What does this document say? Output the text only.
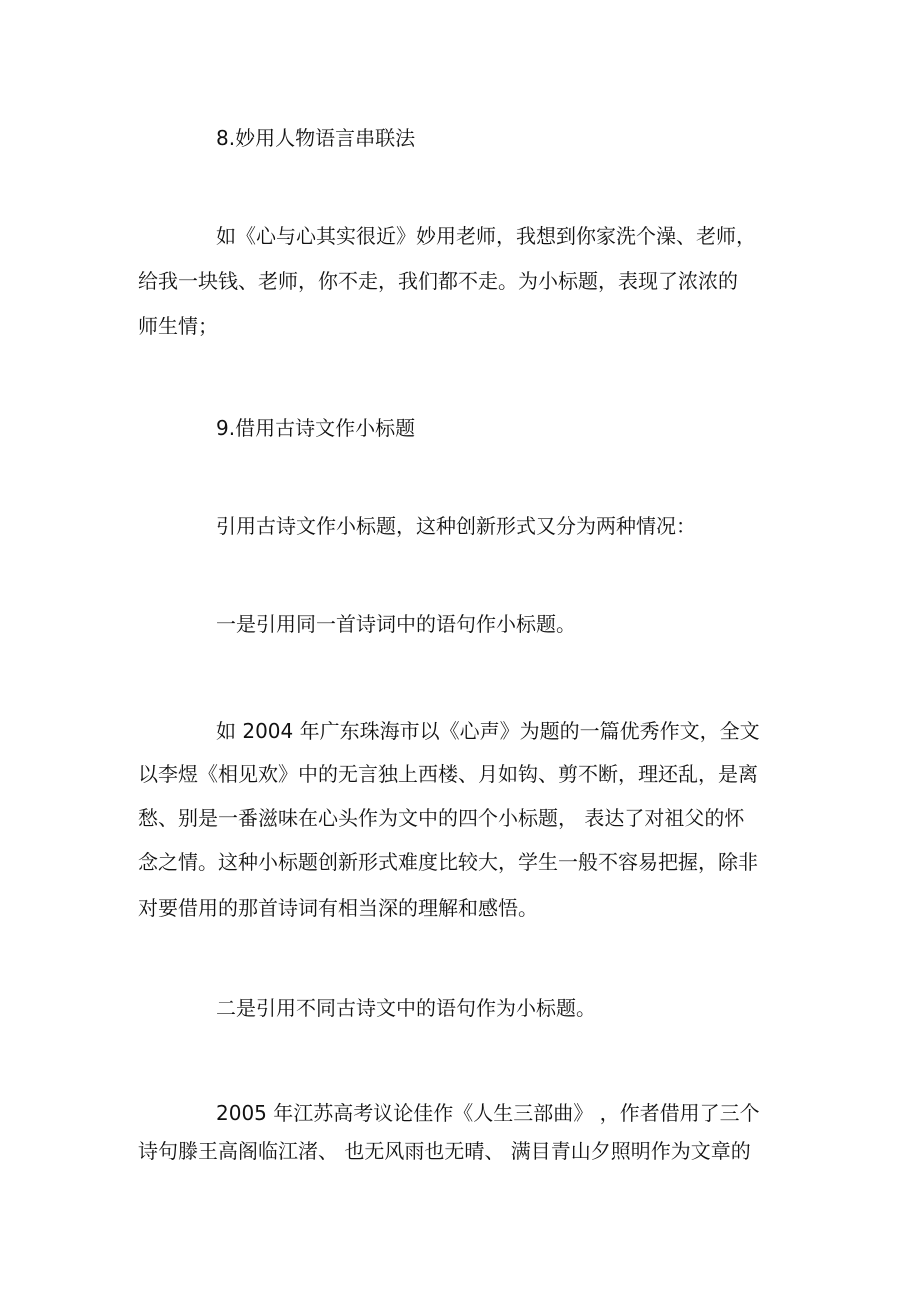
8.妙用人物语言串联法
如《心与心其实很近》妙用老师，我想到你家洗个澡、老师，
给我一块钱、老师，你不走，我们都不走。为小标题，表现了浓浓的
师生情；
9.借用古诗文作小标题
引用古诗文作小标题，这种创新形式又分为两种情况：
一是引用同一首诗词中的语句作小标题。
如 2004 年广东珠海市以《心声》为题的一篇优秀作文，全文
以李煜《相见欢》中的无言独上西楼、月如钩、剪不断，理还乱，是离
愁、别是一番滋味在心头作为文中的四个小标题， 表达了对祖父的怀
念之情。这种小标题创新形式难度比较大，学生一般不容易把握，除非
对要借用的那首诗词有相当深的理解和感悟。
二是引用不同古诗文中的语句作为小标题。
2005 年江苏高考议论佳作《人生三部曲》 ，作者借用了三个
诗句滕王高阁临江渚、 也无风雨也无晴、 满目青山夕照明作为文章的
